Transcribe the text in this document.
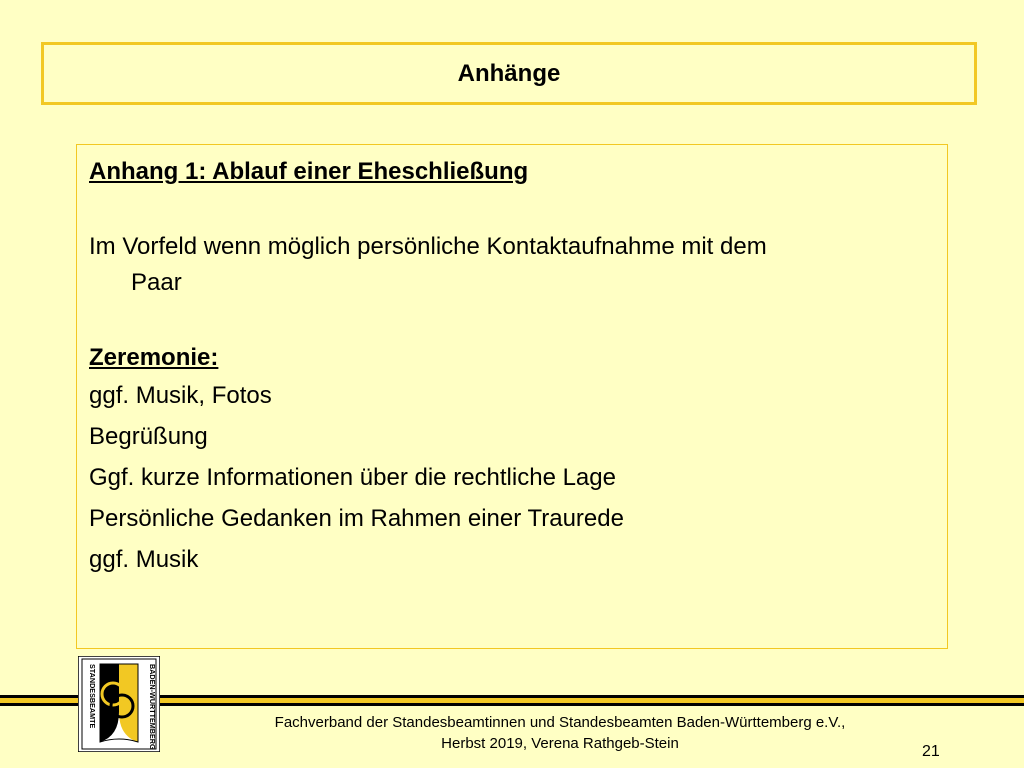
Anhänge

Anhang 1: Ablauf einer Eheschließung

Im Vorfeld wenn möglich persönliche Kontaktaufnahme mit dem
Paar

Zeremonie:

ggf. Musik, Fotos

Begrüßung

Ggf. kurze Informationen über die rechtliche Lage

Persönliche Gedanken im Rahmen einer Traurede

ggf. Musik

STANDESBEAMTE
BADEN-WÜRTTEMBERG
Fachverband der Standesbeamtinnen und Standesbeamten Baden-Württemberg e.V.,
Herbst 2019, Verena Rathgeb-Stein	21
